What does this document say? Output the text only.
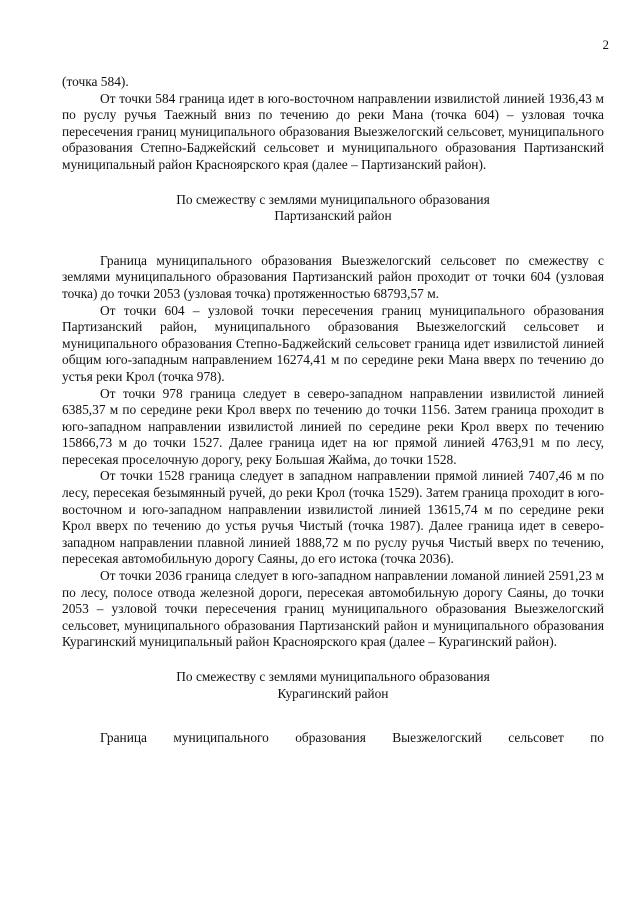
2

(точка 584).

От точки 584 граница идет в юго-восточном направлении извилистой линией 1936,43 м по руслу ручья Таежный вниз по течению до реки Мана (точка 604) – узловая точка пересечения границ муниципального образования Выезжелогский сельсовет, муниципального образования Степно-Баджейский сельсовет и муниципального образования Партизанский муниципальный район Красноярского края (далее – Партизанский район).

По смежеству с землями муниципального образования

Партизанский район

Граница муниципального образования Выезжелогский сельсовет по смежеству с землями муниципального образования Партизанский район проходит от точки 604 (узловая точка) до точки 2053 (узловая точка) протяженностью 68793,57 м.

От точки 604 – узловой точки пересечения границ муниципального образования Партизанский район, муниципального образования Выезжелогский сельсовет и муниципального образования Степно-Баджейский сельсовет граница идет извилистой линией общим юго-западным направлением 16274,41 м по середине реки Мана вверх по течению до устья реки Крол (точка 978).

От точки 978 граница следует в северо-западном направлении извилистой линией 6385,37 м по середине реки Крол вверх по течению до точки 1156. Затем граница проходит в юго-западном направлении извилистой линией по середине реки Крол вверх по течению 15866,73 м до точки 1527. Далее граница идет на юг прямой линией 4763,91 м по лесу, пересекая проселочную дорогу, реку Большая Жайма, до точки 1528.

От точки 1528 граница следует в западном направлении прямой линией 7407,46 м по лесу, пересекая безымянный ручей, до реки Крол (точка 1529). Затем граница проходит в юго-восточном и юго-западном направлении извилистой линией 13615,74 м по середине реки Крол вверх по течению до устья ручья Чистый (точка 1987). Далее граница идет в северо-западном направлении плавной линией 1888,72 м по руслу ручья Чистый вверх по течению, пересекая автомобильную дорогу Саяны, до его истока (точка 2036).

От точки 2036 граница следует в юго-западном направлении ломаной линией 2591,23 м по лесу, полосе отвода железной дороги, пересекая автомобильную дорогу Саяны, до точки 2053 – узловой точки пересечения границ муниципального образования Выезжелогский сельсовет, муниципального образования Партизанский район и муниципального образования Курагинский муниципальный район Красноярского края (далее – Курагинский район).

По смежеству с землями муниципального образования

Курагинский район

Граница муниципального образования Выезжелогский сельсовет по
